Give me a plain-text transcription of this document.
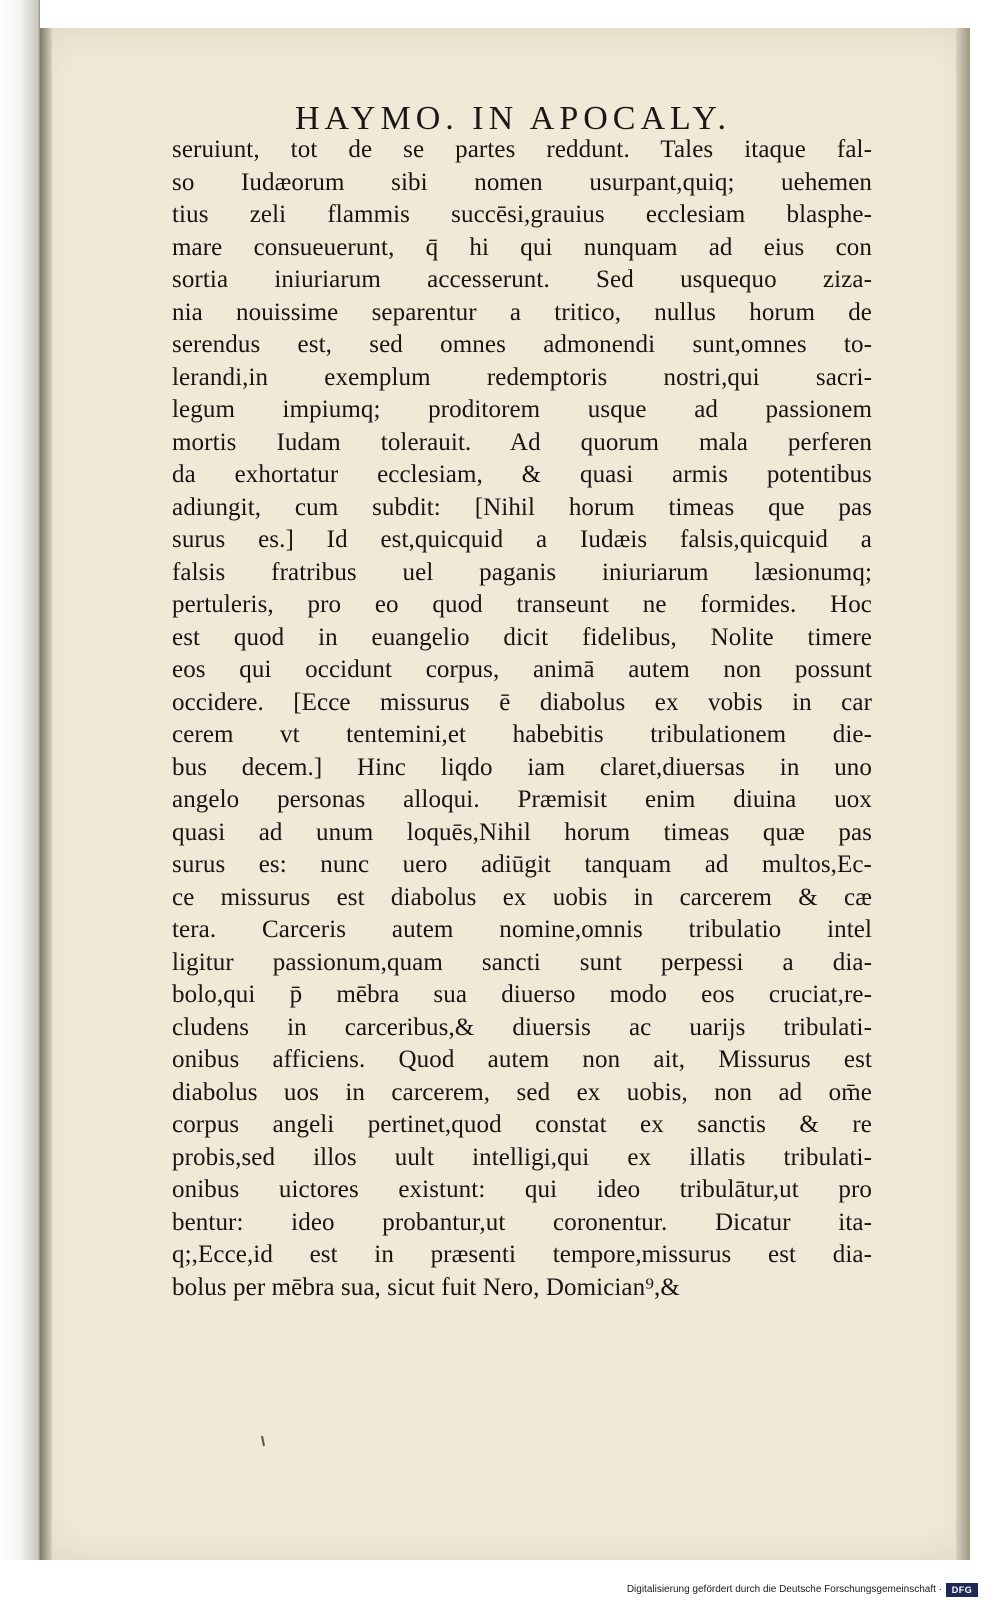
HAYMO. IN APOCALY.
seruiunt, tot de se partes reddunt. Tales itaque fal-
so Iudæorum sibi nomen usurpant,quiq; uehemen
tius zeli flammis succēsi,grauius ecclesiam blasphe-
mare consueuerunt, q̄ hi qui nunquam ad eius con
sortia iniuriarum accesserunt. Sed usquequo ziza-
nia nouissime separentur a tritico, nullus horum de
serendus est, sed omnes admonendi sunt,omnes to-
lerandi,in exemplum redemptoris nostri,qui sacri-
legum impiumq; proditorem usque ad passionem
mortis Iudam tolerauit. Ad quorum mala perferen
da exhortatur ecclesiam, & quasi armis potentibus
adiungit, cum subdit: [Nihil horum timeas que pas
surus es.] Id est,quicquid a Iudæis falsis,quicquid a
falsis fratribus uel paganis iniuriarum læsionumq;
pertuleris, pro eo quod transeunt ne formides. Hoc
est quod in euangelio dicit fidelibus, Nolite timere
eos qui occidunt corpus, animā autem non possunt
occidere. [Ecce missurus ē diabolus ex vobis in car
cerem vt tentemini,et habebitis tribulationem die-
bus decem.] Hinc liqdo iam claret,diuersas in uno
angelo personas alloqui. Præmisit enim diuina uox
quasi ad unum loquēs,Nihil horum timeas quæ pas
surus es: nunc uero adiūgit tanquam ad multos,Ec-
ce missurus est diabolus ex uobis in carcerem & cæ
tera. Carceris autem nomine,omnis tribulatio intel
ligitur passionum,quam sancti sunt perpessi a dia-
bolo,qui p̄ mēbra sua diuerso modo eos cruciat,re-
cludens in carceribus,& diuersis ac uarijs tribulati-
onibus afficiens. Quod autem non ait, Missurus est
diabolus uos in carcerem, sed ex uobis, non ad om̄e
corpus angeli pertinet,quod constat ex sanctis & re
probis,sed illos uult intelligi,qui ex illatis tribulati-
onibus uictores existunt: qui ideo tribulātur,ut pro
bentur: ideo probantur,ut coronentur. Dicatur ita-
q;,Ecce,id est in præsenti tempore,missurus est dia-
bolus per mēbra sua, sicut fuit Nero, Domician⁹,&
Digitalisierung gefördert durch die Deutsche Forschungsgemeinschaft ·	DFG
